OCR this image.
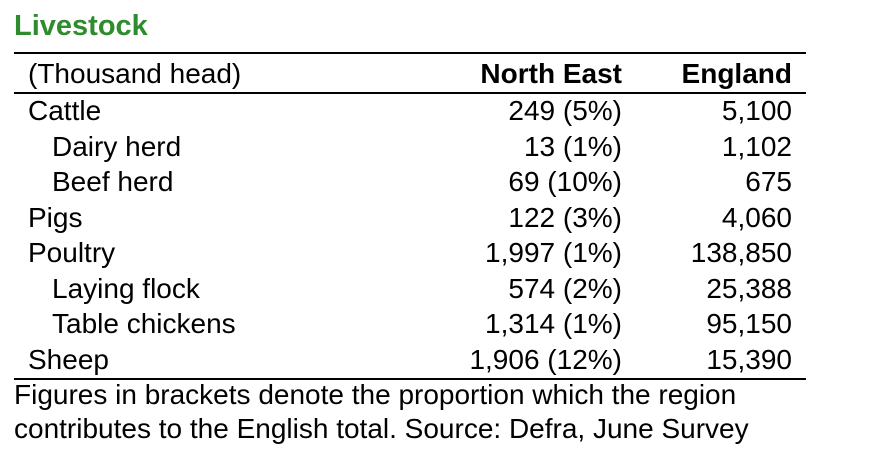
Livestock
(Thousand head)	North East	England
Cattle	249 (5%)	5,100
Dairy herd	13 (1%)	1,102
Beef herd	69 (10%)	675
Pigs	122 (3%)	4,060
Poultry	1,997 (1%)	138,850
Laying flock	574 (2%)	25,388
Table chickens	1,314 (1%)	95,150
Sheep	1,906 (12%)	15,390
Figures in brackets denote the proportion which the region
contributes to the English total. Source: Defra, June Survey
